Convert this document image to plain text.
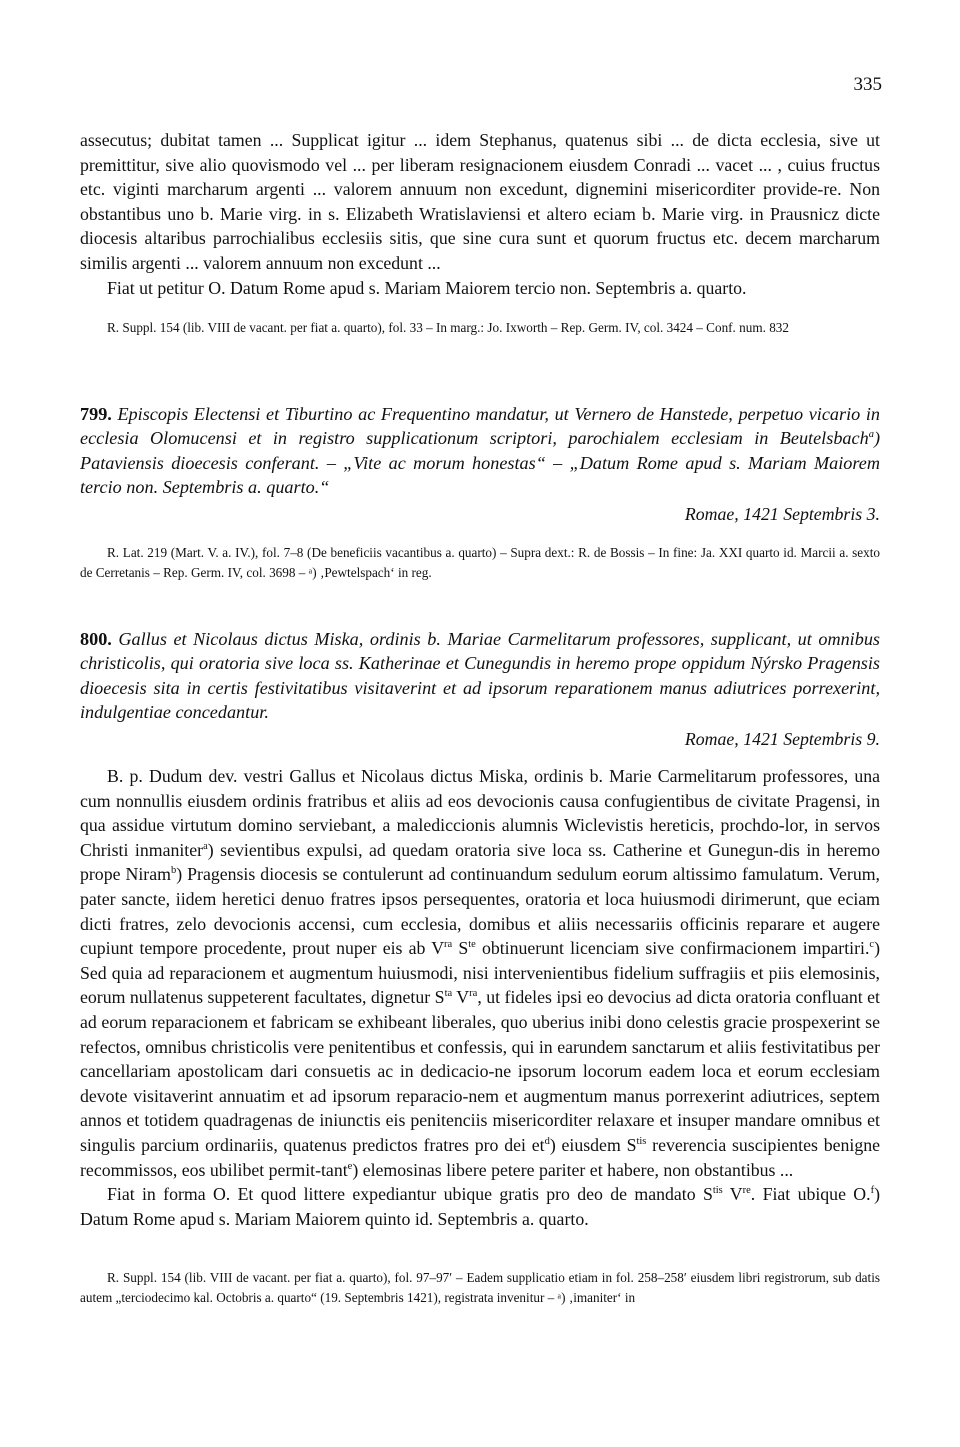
335

assecutus; dubitat tamen ... Supplicat igitur ... idem Stephanus, quatenus sibi ... de dicta ecclesia, sive ut premittitur, sive alio quovismodo vel ... per liberam resignacionem eiusdem Conradi ... vacet ... , cuius fructus etc. viginti marcharum argenti ... valorem annuum non excedunt, dignemini misericorditer provide-re. Non obstantibus uno b. Marie virg. in s. Elizabeth Wratislaviensi et altero eciam b. Marie virg. in Prausnicz dicte diocesis altaribus parrochialibus ecclesiis sitis, que sine cura sunt et quorum fructus etc. decem marcharum similis argenti ... valorem annuum non excedunt ...

Fiat ut petitur O. Datum Rome apud s. Mariam Maiorem tercio non. Septembris a. quarto.

R. Suppl. 154 (lib. VIII de vacant. per fiat a. quarto), fol. 33 – In marg.: Jo. Ixworth – Rep. Germ. IV, col. 3424 – Conf. num. 832

799. Episcopis Electensi et Tiburtino ac Frequentino mandatur, ut Vernero de Hanstede, perpetuo vicario in ecclesia Olomucensi et in registro supplicationum scriptori, parochialem ecclesiam in Beutelsbach$^a$) Pataviensis dioecesis conferant. – „Vite ac morum honestas“ – „Datum Rome apud s. Mariam Maiorem tercio non. Septembris a. quarto.“

Romae, 1421 Septembris 3.

R. Lat. 219 (Mart. V. a. IV.), fol. 7–8 (De beneficiis vacantibus a. quarto) – Supra dext.: R. de Bossis – In fine: Ja. XXI quarto id. Marcii a. sexto de Cerretanis – Rep. Germ. IV, col. 3698 – ᵃ) ‚Pewtelspach‘ in reg.

800. Gallus et Nicolaus dictus Miska, ordinis b. Mariae Carmelitarum professores, supplicant, ut omnibus christicolis, qui oratoria sive loca ss. Katherinae et Cunegundis in heremo prope oppidum Nýrsko Pragensis dioecesis sita in certis festivitatibus visitaverint et ad ipsorum reparationem manus adiutrices porrexerint, indulgentiae concedantur.

Romae, 1421 Septembris 9.

B. p. Dudum dev. vestri Gallus et Nicolaus dictus Miska, ordinis b. Marie Carmelitarum professores, una cum nonnullis eiusdem ordinis fratribus et aliis ad eos devocionis causa confugientibus de civitate Pragensi, in qua assidue virtutum domino serviebant, a malediccionis alumnis Wiclevistis hereticis, prochdo-lor, in servos Christi inmaniter$^a$) sevientibus expulsi, ad quedam oratoria sive loca ss. Catherine et Gunegun-dis in heremo prope Niram$^b$) Pragensis diocesis se contulerunt ad continuandum sedulum eorum altissimo famulatum. Verum, pater sancte, iidem heretici denuo fratres ipsos persequentes, oratoria et loca huiusmodi dirimerunt, que eciam dicti fratres, zelo devocionis accensi, cum ecclesia, domibus et aliis necessariis officinis reparare et augere cupiunt tempore procedente, prout nuper eis ab $V^{ra}$ $S^{te}$ obtinuerunt licenciam sive confirmacionem impartiri.$^c$) Sed quia ad reparacionem et augmentum huiusmodi, nisi intervenientibus fidelium suffragiis et piis elemosinis, eorum nullatenus suppeterent facultates, dignetur $S^{ta}$ $V^{ra}$, ut fideles ipsi eo devocius ad dicta oratoria confluant et ad eorum reparacionem et fabricam se exhibeant liberales, quo uberius inibi dono celestis gracie prospexerint se refectos, omnibus christicolis vere penitentibus et confessis, qui in earundem sanctarum et aliis festivitatibus per cancellariam apostolicam dari consuetis ac in dedicacio-ne ipsorum locorum eadem loca et eorum ecclesiam devote visitaverint annuatim et ad ipsorum reparacio-nem et augmentum manus porrexerint adiutrices, septem annos et totidem quadragenas de iniunctis eis penitenciis misericorditer relaxare et insuper mandare omnibus et singulis parcium ordinariis, quatenus predictos fratres pro dei $et^d$) eiusdem $S^{tis}$ reverencia suscipientes benigne recommissos, eos ubilibet permit-tant$^e$) elemosinas libere petere pariter et habere, non obstantibus ...

Fiat in forma O. Et quod littere expediantur ubique gratis pro deo de mandato $S^{tis}$ Vre. Fiat ubique O.$^f$) Datum Rome apud s. Mariam Maiorem quinto id. Septembris a. quarto.

R. Suppl. 154 (lib. VIII de vacant. per fiat a. quarto), fol. 97–97′ – Eadem supplicatio etiam in fol. 258–258′ eiusdem libri registrorum, sub datis autem „terciodecimo kal. Octobris a. quarto“ (19. Septembris 1421), registrata invenitur – ᵃ) ‚imaniter‘ in
